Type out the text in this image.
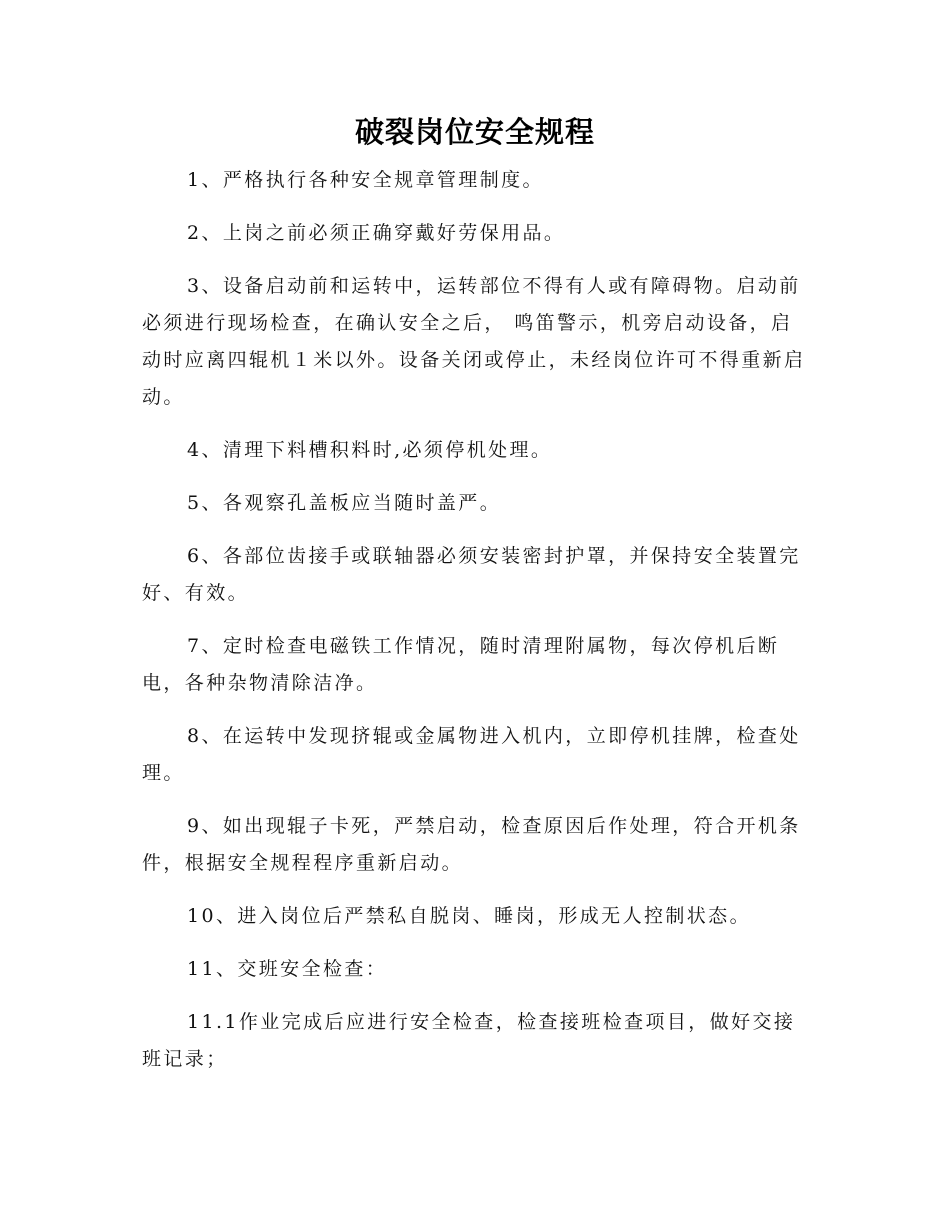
破裂岗位安全规程

1、严格执行各种安全规章管理制度。

2、上岗之前必须正确穿戴好劳保用品。

3、设备启动前和运转中，运转部位不得有人或有障碍物。启动前必须进行现场检查，在确认安全之后， 鸣笛警示，机旁启动设备，启动时应离四辊机１米以外。设备关闭或停止，未经岗位许可不得重新启动。

4、清理下料槽积料时,必须停机处理。

5、各观察孔盖板应当随时盖严。

6、各部位齿接手或联轴器必须安装密封护罩，并保持安全装置完好、有效。

7、定时检查电磁铁工作情况，随时清理附属物，每次停机后断电，各种杂物清除洁净。

8、在运转中发现挤辊或金属物进入机内，立即停机挂牌，检查处理。

9、如出现辊子卡死，严禁启动，检查原因后作处理，符合开机条件，根据安全规程程序重新启动。

10、进入岗位后严禁私自脱岗、睡岗，形成无人控制状态。

11、交班安全检查：

11.1作业完成后应进行安全检查，检查接班检查项目，做好交接班记录；
